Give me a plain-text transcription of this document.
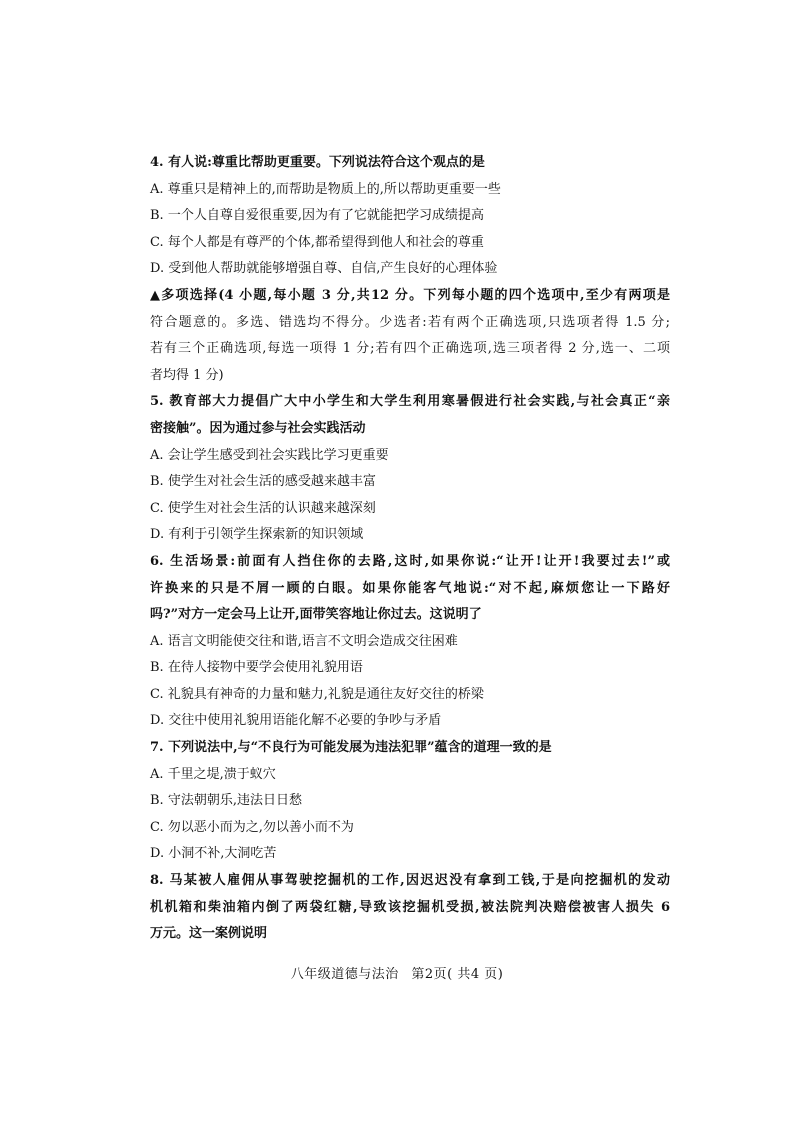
4. 有人说:尊重比帮助更重要。下列说法符合这个观点的是
A. 尊重只是精神上的,而帮助是物质上的,所以帮助更重要一些
B. 一个人自尊自爱很重要,因为有了它就能把学习成绩提高
C. 每个人都是有尊严的个体,都希望得到他人和社会的尊重
D. 受到他人帮助就能够增强自尊、自信,产生良好的心理体验
▲多项选择(4 小题,每小题 3 分,共12 分。下列每小题的四个选项中,至少有两项是
符合题意的。多选、错选均不得分。少选者:若有两个正确选项,只选项者得 1.5 分;
若有三个正确选项,每选一项得 1 分;若有四个正确选项,选三项者得 2 分,选一、二项
者均得 1 分)
5. 教育部大力提倡广大中小学生和大学生利用寒暑假进行社会实践,与社会真正“亲
密接触”。因为通过参与社会实践活动
A. 会让学生感受到社会实践比学习更重要
B. 使学生对社会生活的感受越来越丰富
C. 使学生对社会生活的认识越来越深刻
D. 有利于引领学生探索新的知识领域
6. 生活场景:前面有人挡住你的去路,这时,如果你说:“让开!让开!我要过去!”或
许换来的只是不屑一顾的白眼。如果你能客气地说:“对不起,麻烦您让一下路好
吗?”对方一定会马上让开,面带笑容地让你过去。这说明了
A. 语言文明能使交往和谐,语言不文明会造成交往困难
B. 在待人接物中要学会使用礼貌用语
C. 礼貌具有神奇的力量和魅力,礼貌是通往友好交往的桥梁
D. 交往中使用礼貌用语能化解不必要的争吵与矛盾
7. 下列说法中,与“不良行为可能发展为违法犯罪”蕴含的道理一致的是
A. 千里之堤,溃于蚁穴
B. 守法朝朝乐,违法日日愁
C. 勿以恶小而为之,勿以善小而不为
D. 小洞不补,大洞吃苦
8. 马某被人雇佣从事驾驶挖掘机的工作,因迟迟没有拿到工钱,于是向挖掘机的发动
机机箱和柴油箱内倒了两袋红糖,导致该挖掘机受损,被法院判决赔偿被害人损失 6
万元。这一案例说明
八年级道德与法治 第2页( 共4 页)
